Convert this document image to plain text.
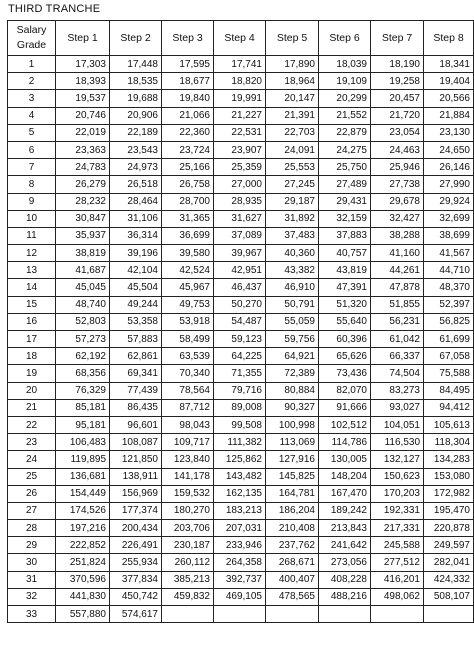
THIRD TRANCHE
Salary
Grade	Step 1	Step 2	Step 3	Step 4	Step 5	Step 6	Step 7	Step 8
1	17,303	17,448	17,595	17,741	17,890	18,039	18,190	18,341
2	18,393	18,535	18,677	18,820	18,964	19,109	19,258	19,404
3	19,537	19,688	19,840	19,991	20,147	20,299	20,457	20,566
4	20,746	20,906	21,066	21,227	21,391	21,552	21,720	21,884
5	22,019	22,189	22,360	22,531	22,703	22,879	23,054	23,130
6	23,363	23,543	23,724	23,907	24,091	24,275	24,463	24,650
7	24,783	24,973	25,166	25,359	25,553	25,750	25,946	26,146
8	26,279	26,518	26,758	27,000	27,245	27,489	27,738	27,990
9	28,232	28,464	28,700	28,935	29,187	29,431	29,678	29,924
10	30,847	31,106	31,365	31,627	31,892	32,159	32,427	32,699
11	35,937	36,314	36,699	37,089	37,483	37,883	38,288	38,699
12	38,819	39,196	39,580	39,967	40,360	40,757	41,160	41,567
13	41,687	42,104	42,524	42,951	43,382	43,819	44,261	44,710
14	45,045	45,504	45,967	46,437	46,910	47,391	47,878	48,370
15	48,740	49,244	49,753	50,270	50,791	51,320	51,855	52,397
16	52,803	53,358	53,918	54,487	55,059	55,640	56,231	56,825
17	57,273	57,883	58,499	59,123	59,756	60,396	61,042	61,699
18	62,192	62,861	63,539	64,225	64,921	65,626	66,337	67,058
19	68,356	69,341	70,340	71,355	72,389	73,436	74,504	75,588
20	76,329	77,439	78,564	79,716	80,884	82,070	83,273	84,495
21	85,181	86,435	87,712	89,008	90,327	91,666	93,027	94,412
22	95,181	96,601	98,043	99,508	100,998	102,512	104,051	105,613
23	106,483	108,087	109,717	111,382	113,069	114,786	116,530	118,304
24	119,895	121,850	123,840	125,862	127,916	130,005	132,127	134,283
25	136,681	138,911	141,178	143,482	145,825	148,204	150,623	153,080
26	154,449	156,969	159,532	162,135	164,781	167,470	170,203	172,982
27	174,526	177,374	180,270	183,213	186,204	189,242	192,331	195,470
28	197,216	200,434	203,706	207,031	210,408	213,843	217,331	220,878
29	222,852	226,491	230,187	233,946	237,762	241,642	245,588	249,597
30	251,824	255,934	260,112	264,358	268,671	273,056	277,512	282,041
31	370,596	377,834	385,213	392,737	400,407	408,228	416,201	424,332
32	441,830	450,742	459,832	469,105	478,565	488,216	498,062	508,107
33	557,880	574,617						
